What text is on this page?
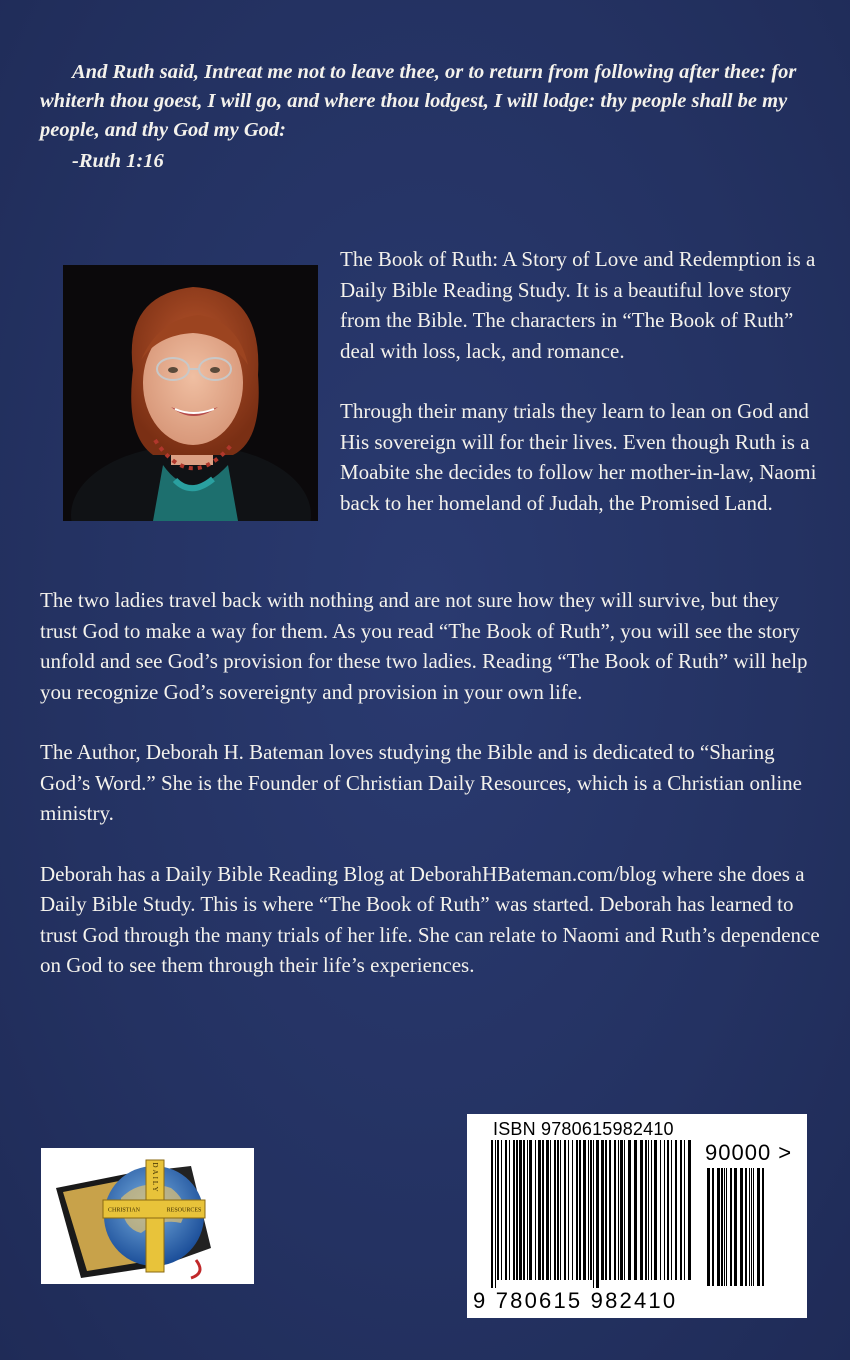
And Ruth said, Intreat me not to leave thee, or to return from following after thee: for whiterh thou goest, I will go, and where thou lodgest, I will lodge: thy people shall be my people, and thy God my God:
-Ruth 1:16

The Book of Ruth: A Story of Love and Redemption is a Daily Bible Reading Study. It is a beautiful love story from the Bible. The characters in “The Book of Ruth” deal with loss, lack, and romance.

Through their many trials they learn to lean on God and His sovereign will for their lives. Even though Ruth is a Moabite she decides to follow her mother-in-law, Naomi back to her homeland of Judah, the Promised Land.

The two ladies travel back with nothing and are not sure how they will survive, but they trust God to make a way for them. As you read “The Book of Ruth”, you will see the story unfold and see God’s provision for these two ladies. Reading “The Book of Ruth” will help you recognize God’s sovereignty and provision in your own life.

The Author, Deborah H. Bateman loves studying the Bible and is dedicated to “Sharing God’s Word.” She is the Founder of Christian Daily Resources, which is a Christian online ministry.

Deborah has a Daily Bible Reading Blog at DeborahHBateman.com/blog where she does a Daily Bible Study. This is where “The Book of Ruth” was started. Deborah has learned to trust God through the many trials of her life. She can relate to Naomi and Ruth’s dependence on God to see them through their life’s experiences.

DAILY
CHRISTIAN	RESOURCES
ISBN 9780615982410
90000 >
9 780615 982410
